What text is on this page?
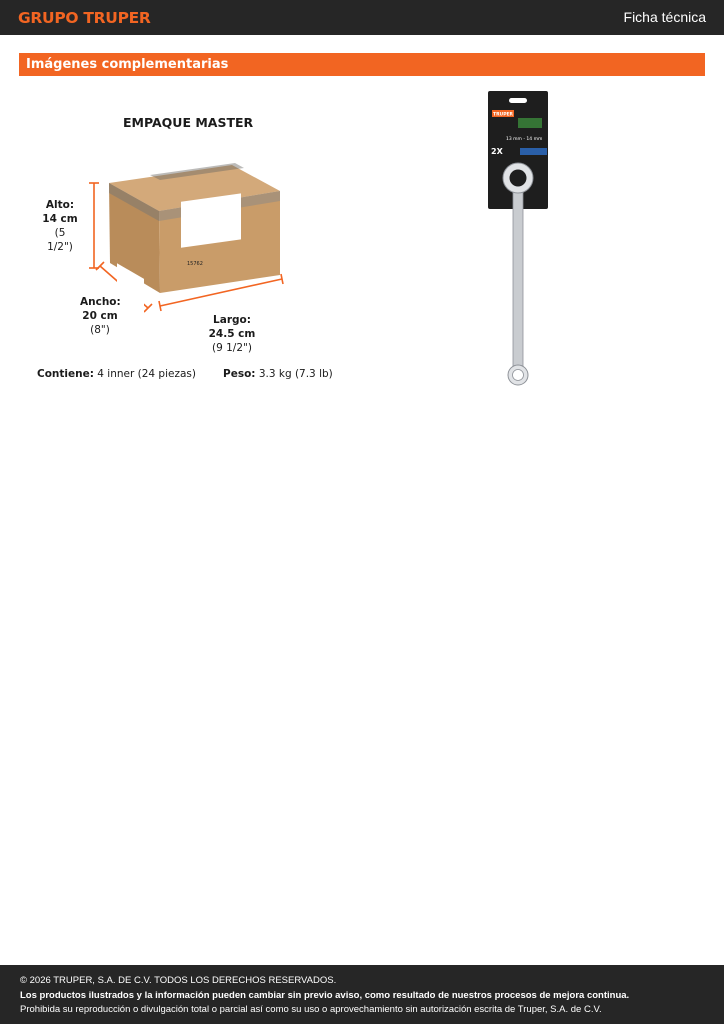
GRUPO TRUPER	Ficha técnica
Imágenes complementarias
15762
EMPAQUE MASTER
Alto:
14 cm
(5 1/2")
Ancho:
20 cm
(8")
Largo:
24.5 cm
(9 1/2")
Contiene: 4 inner (24 piezas)	Peso: 3.3 kg (7.3 lb)
TRUPER
13 mm - 14 mm
2X
© 2026 TRUPER, S.A. DE C.V. TODOS LOS DERECHOS RESERVADOS.
Los productos ilustrados y la información pueden cambiar sin previo aviso, como resultado de nuestros procesos de mejora continua.
Prohibida su reproducción o divulgación total o parcial así como su uso o aprovechamiento sin autorización escrita de Truper, S.A. de C.V.
